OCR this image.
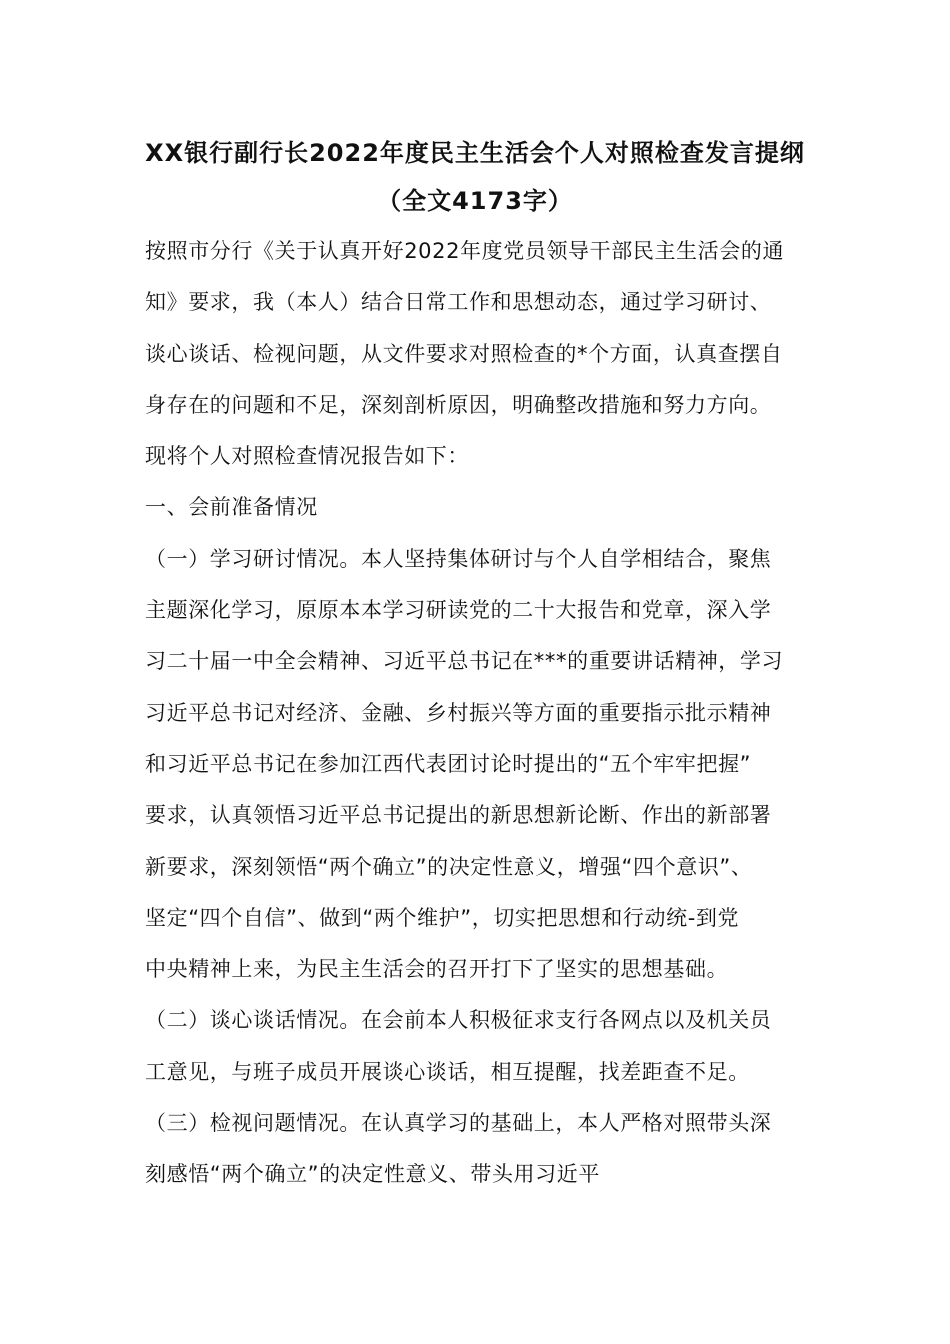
XX银行副行长2022年度民主生活会个人对照检查发言提纲
（全文4173字）
按照市分行《关于认真开好2022年度党员领导干部民主生活会的通
知》要求，我（本人）结合日常工作和思想动态，通过学习研讨、
谈心谈话、检视问题，从文件要求对照检查的*个方面，认真查摆自
身存在的问题和不足，深刻剖析原因，明确整改措施和努力方向。
现将个人对照检查情况报告如下：
一、会前准备情况
（一）学习研讨情况。本人坚持集体研讨与个人自学相结合，聚焦
主题深化学习，原原本本学习研读党的二十大报告和党章，深入学
习二十届一中全会精神、习近平总书记在***的重要讲话精神，学习
习近平总书记对经济、金融、乡村振兴等方面的重要指示批示精神
和习近平总书记在参加江西代表团讨论时提出的“五个牢牢把握”
要求，认真领悟习近平总书记提出的新思想新论断、作出的新部署
新要求，深刻领悟“两个确立”的决定性意义，增强“四个意识”、
坚定“四个自信”、做到“两个维护”，切实把思想和行动统-到党
中央精神上来，为民主生活会的召开打下了坚实的思想基础。
（二）谈心谈话情况。在会前本人积极征求支行各网点以及机关员
工意见，与班子成员开展谈心谈话，相互提醒，找差距查不足。
（三）检视问题情况。在认真学习的基础上，本人严格对照带头深
刻感悟“两个确立”的决定性意义、带头用习近平
